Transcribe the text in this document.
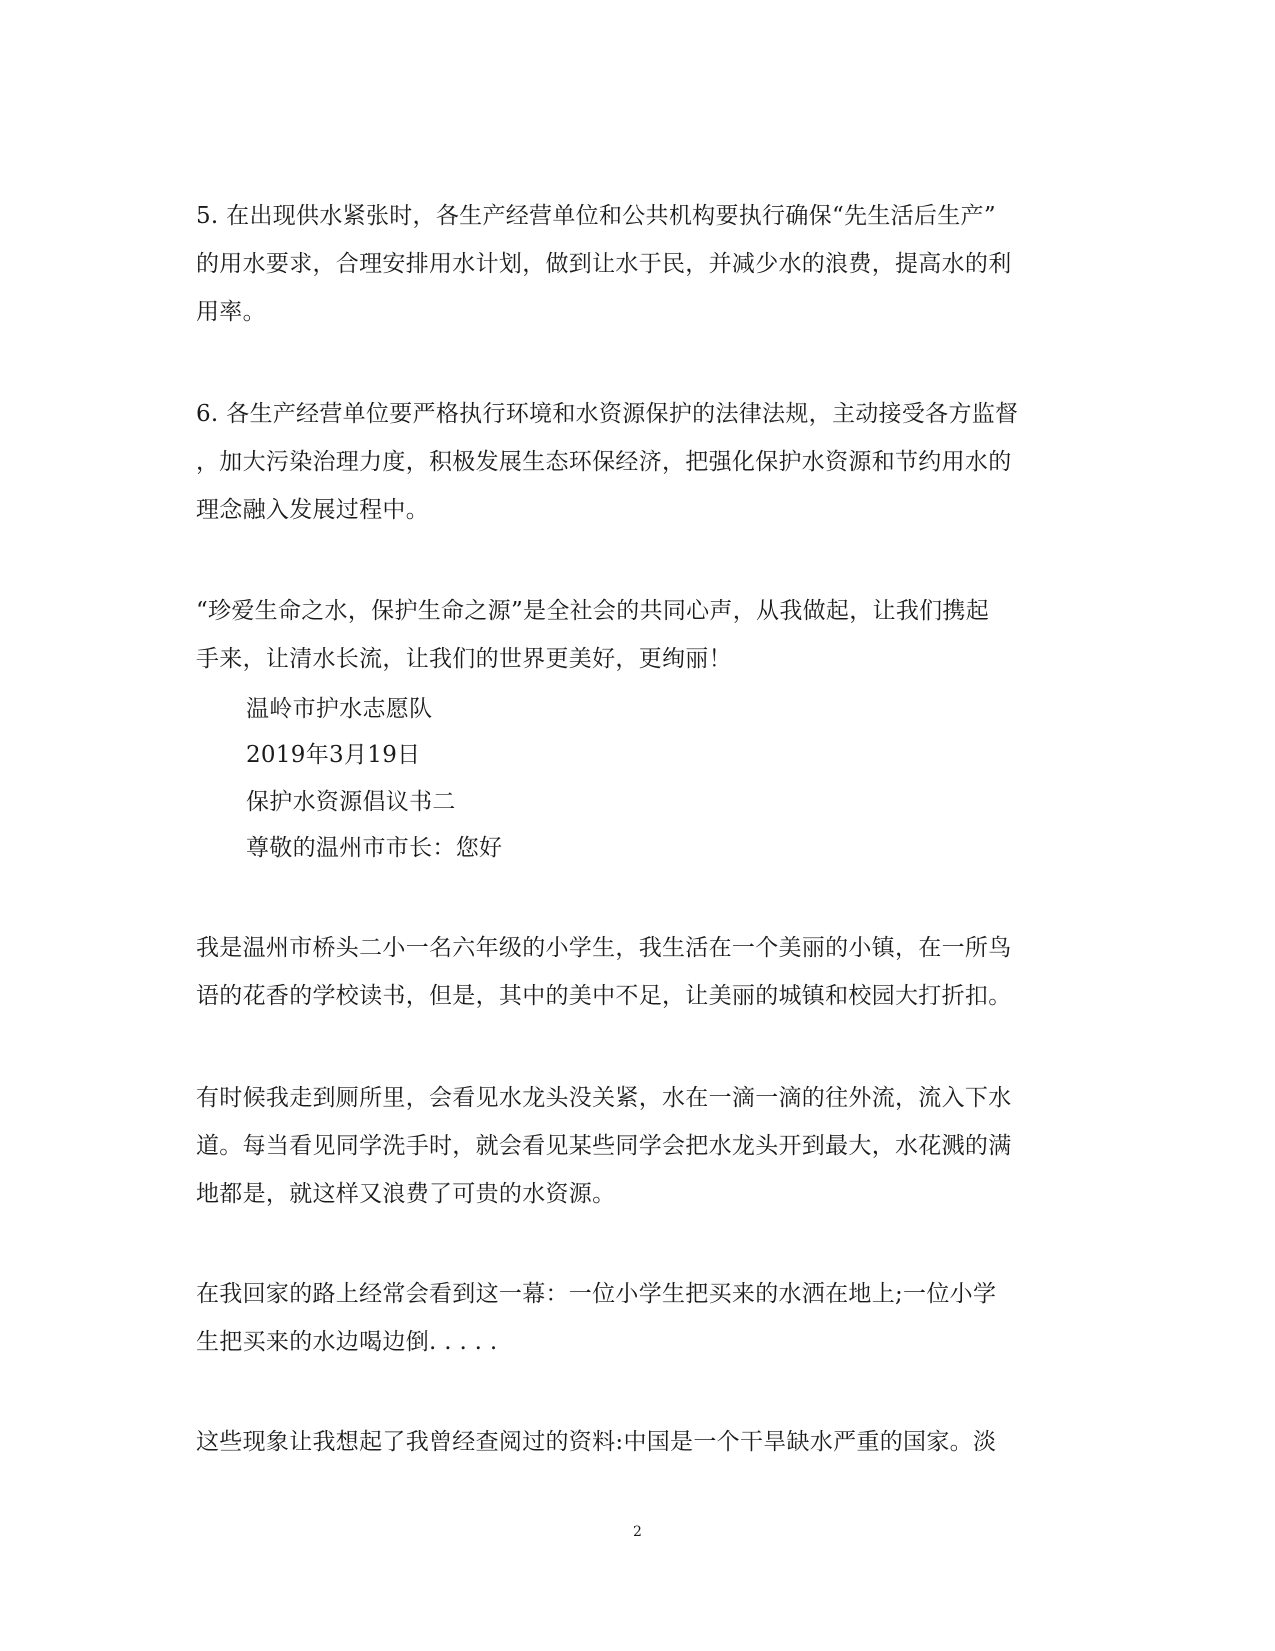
5. 在出现供水紧张时，各生产经营单位和公共机构要执行确保“先生活后生产”
的用水要求，合理安排用水计划，做到让水于民，并减少水的浪费，提高水的利
用率。
6. 各生产经营单位要严格执行环境和水资源保护的法律法规，主动接受各方监督
，加大污染治理力度，积极发展生态环保经济，把强化保护水资源和节约用水的
理念融入发展过程中。
“珍爱生命之水，保护生命之源”是全社会的共同心声，从我做起，让我们携起
手来，让清水长流，让我们的世界更美好，更绚丽！
温岭市护水志愿队
2019年3月19日
保护水资源倡议书二
尊敬的温州市市长：您好
我是温州市桥头二小一名六年级的小学生，我生活在一个美丽的小镇，在一所鸟
语的花香的学校读书，但是，其中的美中不足，让美丽的城镇和校园大打折扣。
有时候我走到厕所里，会看见水龙头没关紧，水在一滴一滴的往外流，流入下水
道。每当看见同学洗手时，就会看见某些同学会把水龙头开到最大，水花溅的满
地都是，就这样又浪费了可贵的水资源。
在我回家的路上经常会看到这一幕：一位小学生把买来的水洒在地上;一位小学
生把买来的水边喝边倒. . . . .
这些现象让我想起了我曾经查阅过的资料:中国是一个干旱缺水严重的国家。淡
2
